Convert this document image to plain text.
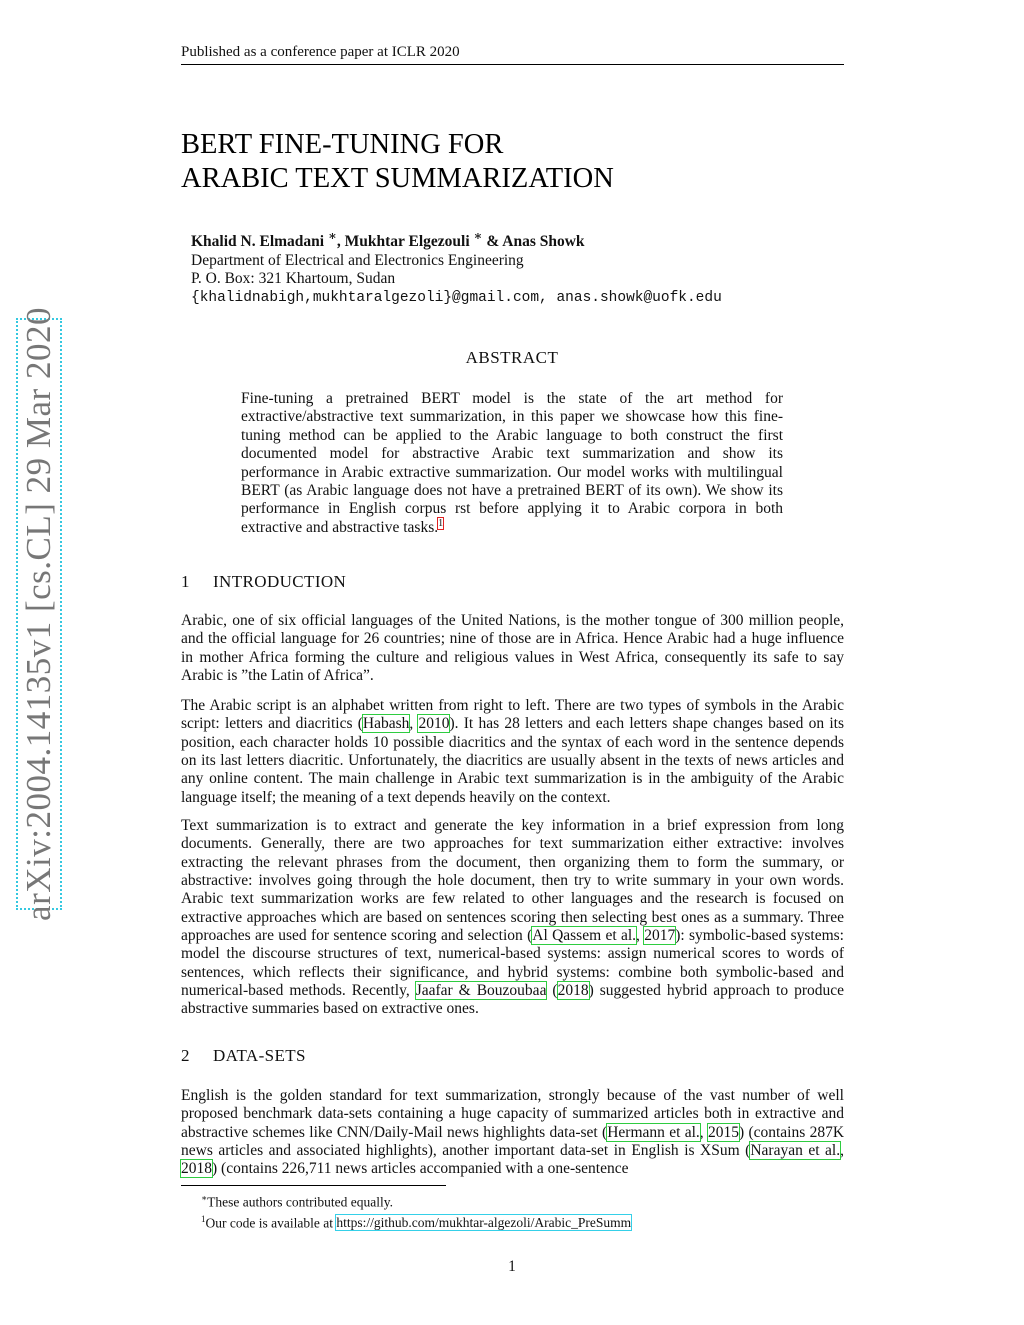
Published as a conference paper at ICLR 2020
arXiv:2004.14135v1 [cs.CL] 29 Mar 2020
BERT FINE-TUNING FOR
ARABIC TEXT SUMMARIZATION
Khalid N. Elmadani ∗, Mukhtar Elgezouli ∗ & Anas Showk
Department of Electrical and Electronics Engineering
P. O. Box: 321 Khartoum, Sudan
{khalidnabigh,mukhtaralgezoli}@gmail.com, anas.showk@uofk.edu
ABSTRACT
Fine-tuning a pretrained BERT model is the state of the art method for extractive/abstractive text summarization, in this paper we showcase how this fine-tuning method can be applied to the Arabic language to both construct the first documented model for abstractive Arabic text summarization and show its performance in Arabic extractive summarization. Our model works with multilingual BERT (as Arabic language does not have a pretrained BERT of its own). We show its performance in English corpus rst before applying it to Arabic corpora in both extractive and abstractive tasks.$^1$
1 INTRODUCTION
Arabic, one of six official languages of the United Nations, is the mother tongue of 300 million people, and the official language for 26 countries; nine of those are in Africa. Hence Arabic had a huge influence in mother Africa forming the culture and religious values in West Africa, consequently its safe to say Arabic is ”the Latin of Africa”.
The Arabic script is an alphabet written from right to left. There are two types of symbols in the Arabic script: letters and diacritics (Habash, 2010). It has 28 letters and each letters shape changes based on its position, each character holds 10 possible diacritics and the syntax of each word in the sentence depends on its last letters diacritic. Unfortunately, the diacritics are usually absent in the texts of news articles and any online content. The main challenge in Arabic text summarization is in the ambiguity of the Arabic language itself; the meaning of a text depends heavily on the context.
Text summarization is to extract and generate the key information in a brief expression from long documents. Generally, there are two approaches for text summarization either extractive: involves extracting the relevant phrases from the document, then organizing them to form the summary, or abstractive: involves going through the hole document, then try to write summary in your own words. Arabic text summarization works are few related to other languages and the research is focused on extractive approaches which are based on sentences scoring then selecting best ones as a summary. Three approaches are used for sentence scoring and selection (Al Qassem et al., 2017): symbolic-based systems: model the discourse structures of text, numerical-based systems: assign numerical scores to words of sentences, which reflects their significance, and hybrid systems: combine both symbolic-based and numerical-based methods. Recently, Jaafar & Bouzoubaa (2018) suggested hybrid approach to produce abstractive summaries based on extractive ones.
2 DATA-SETS
English is the golden standard for text summarization, strongly because of the vast number of well proposed benchmark data-sets containing a huge capacity of summarized articles both in extractive and abstractive schemes like CNN/Daily-Mail news highlights data-set (Hermann et al., 2015) (contains 287K news articles and associated highlights), another important data-set in English is XSum (Narayan et al., 2018) (contains 226,711 news articles accompanied with a one-sentence
∗These authors contributed equally.
$^1$Our code is available at https://github.com/mukhtar-algezoli/Arabic_PreSumm
1
